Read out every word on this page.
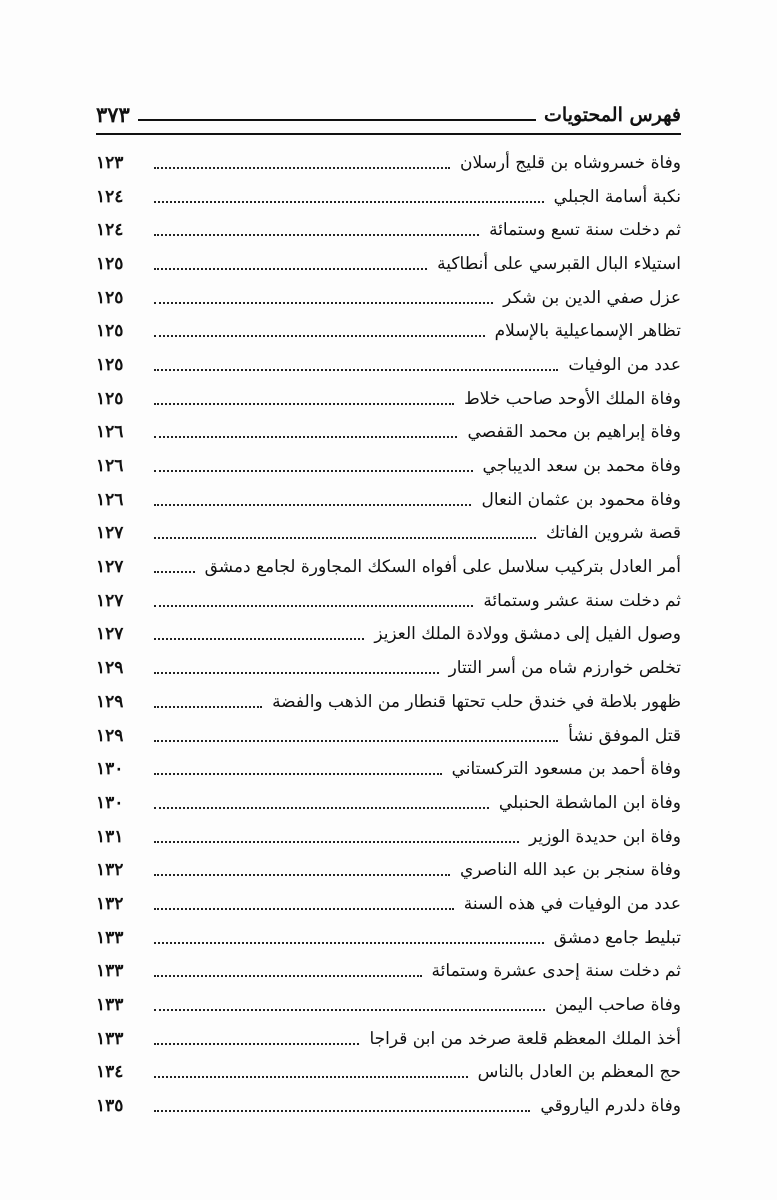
فهرس المحتويات
٣٧٣
وفاة خسروشاه بن قليج أرسلان
١٢٣
نكبة أسامة الجبلي
١٢٤
ثم دخلت سنة تسع وستمائة
١٢٤
استيلاء البال القبرسي على أنطاكية
١٢٥
عزل صفي الدين بن شكر
١٢٥
تظاهر الإسماعيلية بالإسلام
١٢٥
عدد من الوفيات
١٢٥
وفاة الملك الأوحد صاحب خلاط
١٢٥
وفاة إبراهيم بن محمد القفصي
١٢٦
وفاة محمد بن سعد الديباجي
١٢٦
وفاة محمود بن عثمان النعال
١٢٦
قصة شروين الفاتك
١٢٧
أمر العادل بتركيب سلاسل على أفواه السكك المجاورة لجامع دمشق
١٢٧
ثم دخلت سنة عشر وستمائة
١٢٧
وصول الفيل إلى دمشق وولادة الملك العزيز
١٢٧
تخلص خوارزم شاه من أسر التتار
١٢٩
ظهور بلاطة في خندق حلب تحتها قنطار من الذهب والفضة
١٢٩
قتل الموفق نشأ
١٢٩
وفاة أحمد بن مسعود التركستاني
١٣٠
وفاة ابن الماشطة الحنبلي
١٣٠
وفاة ابن حديدة الوزير
١٣١
وفاة سنجر بن عبد الله الناصري
١٣٢
عدد من الوفيات في هذه السنة
١٣٢
تبليط جامع دمشق
١٣٣
ثم دخلت سنة إحدى عشرة وستمائة
١٣٣
وفاة صاحب اليمن
١٣٣
أخذ الملك المعظم قلعة صرخد من ابن قراجا
١٣٣
حج المعظم بن العادل بالناس
١٣٤
وفاة دلدرم الياروقي
١٣٥
